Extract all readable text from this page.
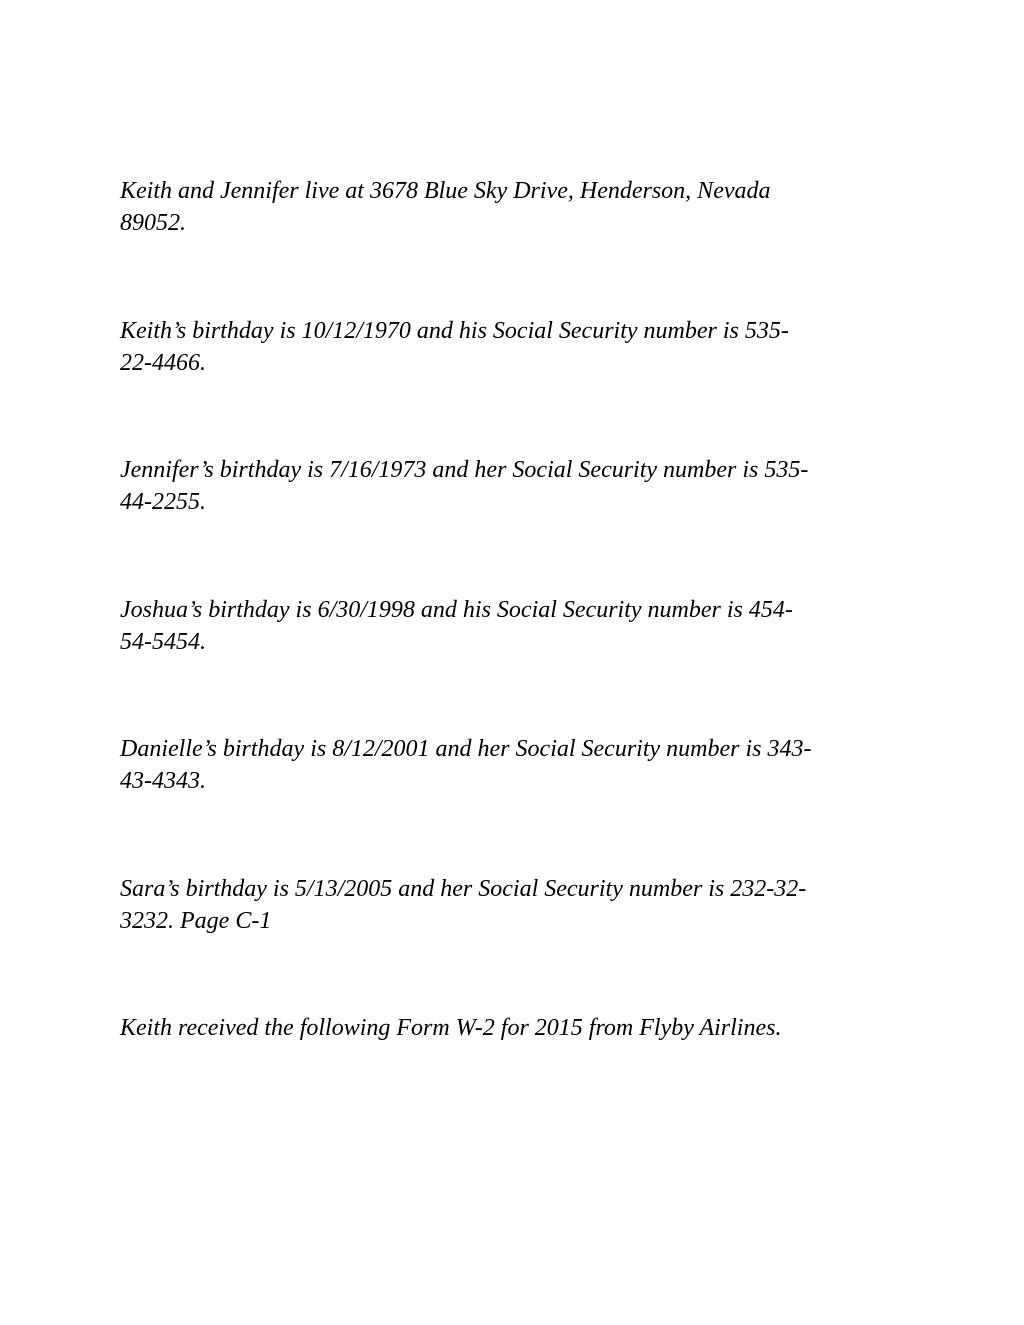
Keith and Jennifer live at 3678 Blue Sky Drive, Henderson, Nevada
89052.

Keith’s birthday is 10/12/1970 and his Social Security number is 535-
22-4466.

Jennifer’s birthday is 7/16/1973 and her Social Security number is 535-
44-2255.

Joshua’s birthday is 6/30/1998 and his Social Security number is 454-
54-5454.

Danielle’s birthday is 8/12/2001 and her Social Security number is 343-
43-4343.

Sara’s birthday is 5/13/2005 and her Social Security number is 232-32-
3232. Page C-1

Keith received the following Form W-2 for 2015 from Flyby Airlines.
